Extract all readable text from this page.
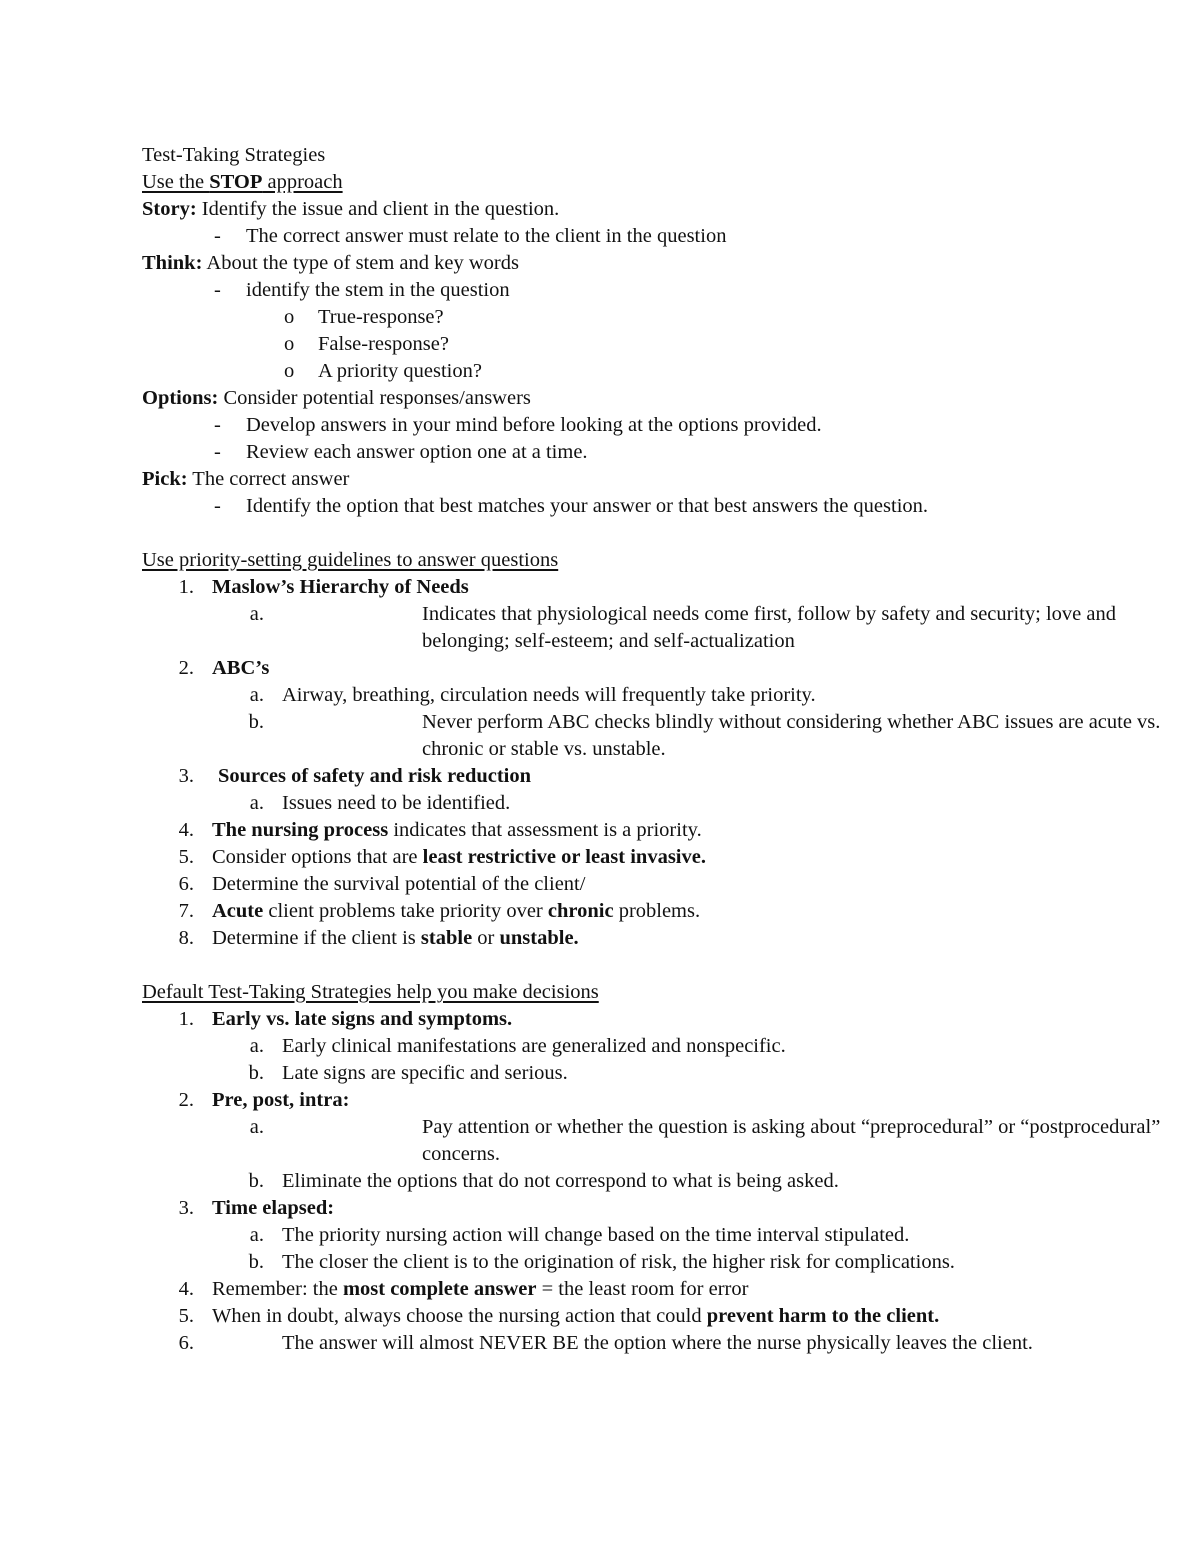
Test-Taking Strategies
Use the STOP approach
Story: Identify the issue and client in the question.
- The correct answer must relate to the client in the question
Think: About the type of stem and key words
- identify the stem in the question
o True-response?
o False-response?
o A priority question?
Options: Consider potential responses/answers
- Develop answers in your mind before looking at the options provided.
- Review each answer option one at a time.
Pick: The correct answer
- Identify the option that best matches your answer or that best answers the question.
Use priority-setting guidelines to answer questions
1. Maslow’s Hierarchy of Needs
a.	Indicates that physiological needs come first, follow by safety and security; love and belonging; self-esteem; and self-actualization
2. ABC’s
a. Airway, breathing, circulation needs will frequently take priority.
b.	Never perform ABC checks blindly without considering whether ABC issues are acute vs. chronic or stable vs. unstable.
3. Sources of safety and risk reduction
a. Issues need to be identified.
4. The nursing process indicates that assessment is a priority.
5. Consider options that are least restrictive or least invasive.
6. Determine the survival potential of the client/
7. Acute client problems take priority over chronic problems.
8. Determine if the client is stable or unstable.
Default Test-Taking Strategies help you make decisions
1. Early vs. late signs and symptoms.
a. Early clinical manifestations are generalized and nonspecific.
b. Late signs are specific and serious.
2. Pre, post, intra:
a.	Pay attention or whether the question is asking about “preprocedural” or “postprocedural” concerns.
b. Eliminate the options that do not correspond to what is being asked.
3. Time elapsed:
a. The priority nursing action will change based on the time interval stipulated.
b. The closer the client is to the origination of risk, the higher risk for complications.
4. Remember: the most complete answer = the least room for error
5. When in doubt, always choose the nursing action that could prevent harm to the client.
6.	The answer will almost NEVER BE the option where the nurse physically leaves the client.
